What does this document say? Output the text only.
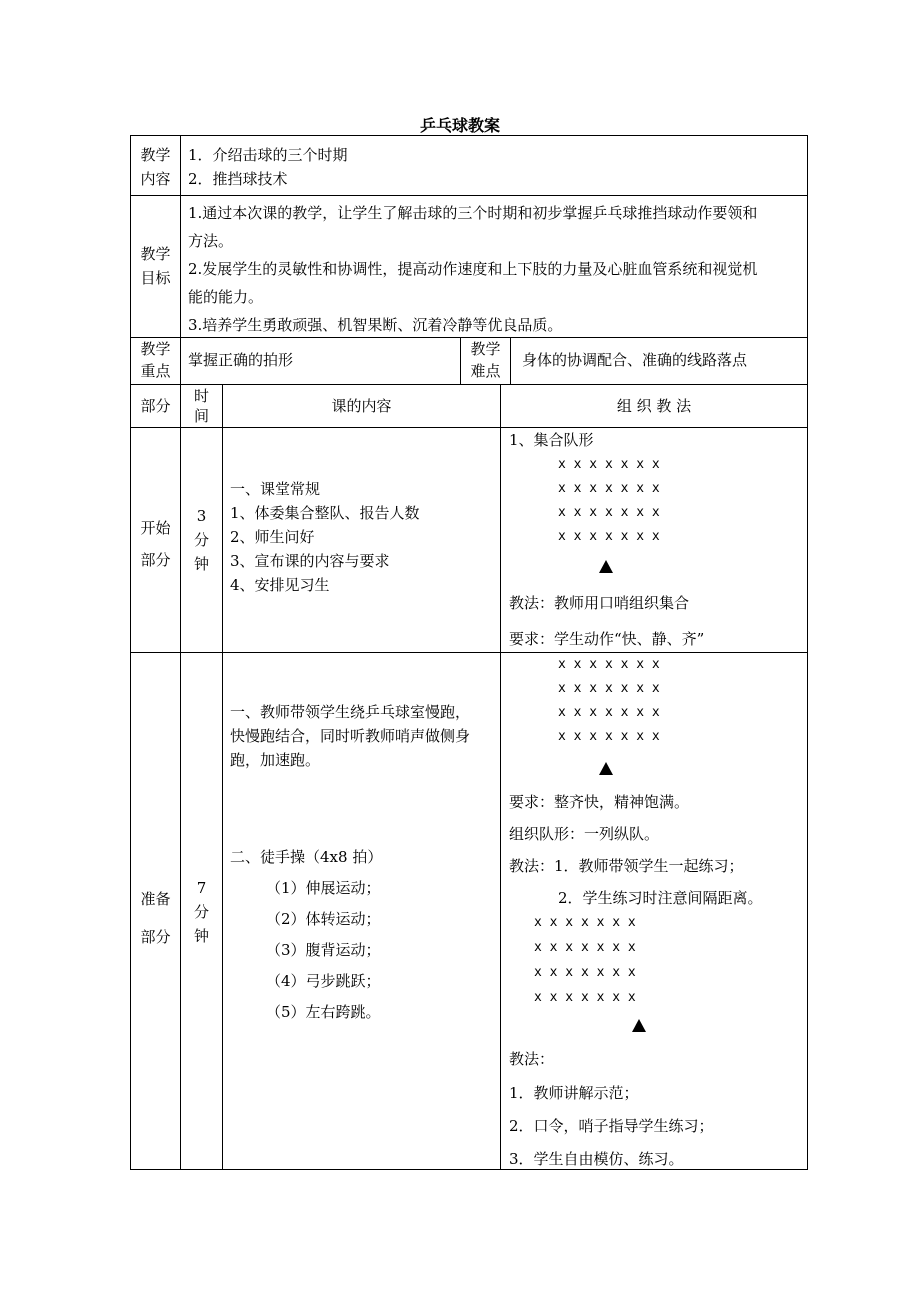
乒乓球教案
教学
内容
1．介绍击球的三个时期
2．推挡球技术
教学
目标
1.通过本次课的教学，让学生了解击球的三个时期和初步掌握乒乓球推挡球动作要领和
方法。
2.发展学生的灵敏性和协调性，提高动作速度和上下肢的力量及心脏血管系统和视觉机
能的能力。
3.培养学生勇敢顽强、机智果断、沉着冷静等优良品质。
教学
重点
掌握正确的拍形
教学
难点
身体的协调配合、准确的线路落点
部分
时
间
课的内容	组 织 教 法
开始
部分
3
分
钟
一、课堂常规
1、体委集合整队、报告人数
2、师生问好
3、宣布课的内容与要求
4、安排见习生
1、集合队形
x x x x x x x
x x x x x x x
x x x x x x x
x x x x x x x
教法：教师用口哨组织集合
要求：学生动作“快、静、齐”
准备
部分
7
分
钟
一、教师带领学生绕乒乓球室慢跑，
快慢跑结合，同时听教师哨声做侧身
跑，加速跑。
二、徒手操（4x8 拍）
（1）伸展运动；
（2）体转运动；
（3）腹背运动；
（4）弓步跳跃；
（5）左右跨跳。
x x x x x x x
x x x x x x x
x x x x x x x
x x x x x x x
要求：整齐快，精神饱满。
组织队形：一列纵队。
教法：1．教师带领学生一起练习；
2．学生练习时注意间隔距离。
x x x x x x x
x x x x x x x
x x x x x x x
x x x x x x x
教法：
1．教师讲解示范；
2．口令，哨子指导学生练习；
3．学生自由模仿、练习。
